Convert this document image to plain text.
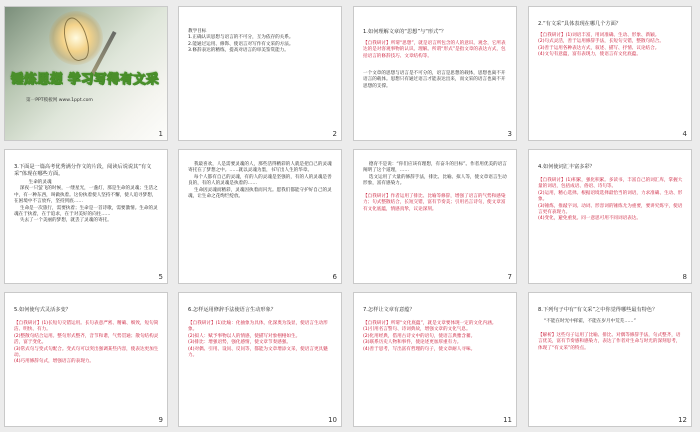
锤炼思想 学习写得有文采
第一PPT模板网 www.1ppt.com
1
教学目标
1.正确认识思想与语言的不可分，互为依存的关系。
2.能通过运用、修饰、使语言对写作有文采的方法。
3.修辞表达的精练，提高对语言的审美鉴赏能力。
2
1.如何理解文章的“思想”与“形式”？
【自我研讨】所谓“思想”，就是语言所包含的人的意识、观念，它所表达的是对客观事物的认识、理解。所谓“形式”是指文章的表达方式，包括语言的修辞技巧、文章结构等。
一个文章的思想与语言是不可分的，语言是思想的载体，思想也离不开语言的载体。思想只有通过语言才能表达出来，而文采的语言也离不开思想的支撑。
3
2.“有文采”具体表现在哪几个方面？
【自我研讨】(1)词语丰富，用词准确、生动、形象、新颖。
(2)句式灵活，善于运用修辞手法，长短句交错，整散句结合。
(3)善于运用各种表达方式，叙述、描写、抒情、议论结合。
(4)文句有意蕴，富有表现力，使语言有文化底蕴。
4
3.下面是一篇高考优秀满分作文的片段，阅读后说说其“有文采”体现在哪些方面。
生命的灵魂
深夜一只萤飞的时候，一缕星光，一盏灯，那是生命的灵魂；生活之中，有一种东西，叫做执着。这份执着使人坚持不懈，使人追寻梦想，在困境中不言放弃，坚持到底……
生命是一次旅行，需要执着；生命是一首诗歌，需要激情。生命的灵魂在于执着，在于追求，在于对美好的向往……
失去了一个美丽的梦想，就丢了灵魂的寄托。
5
我最喜欢，人是需要灵魂的人，那些活得精彩的人就是把自己的灵魂寄托在了梦想之中。……就以灵魂为墨，书写出人生的华章。
每个人都有自己的灵魂，有的人的灵魂是坚强的，有的人的灵魂是善良的，有的人的灵魂是执着的……
生命因灵魂而精彩，灵魂因执着而闪光。愿我们都能守护好自己的灵魂，让生命之花绚烂绽放。
6
德育不是说：“你们应该有理想，有奋斗的目标”。作者用优美的语言阐明了这个道理，……
选文运用了大量的修辞手法，排比、比喻、拟人等，使文章语言生动形象，富有感染力。
【自我研讨】作者运用了排比、比喻等修辞，增强了语言的气势和感染力；句式整散结合，长短交错，富有节奏美；引用名言诗句，使文章富有文化底蕴，情感真挚，议论深刻。
7
4.如何使词汇丰富多彩？
【自我研讨】(1)积累，强化积累。多读书，丰富自己的词汇库，掌握大量的词语，包括成语、俗语、诗句等。
(2)运用，精心选择。根据语境选择最恰当的词语，力求准确、生动、形象。
(3)锤炼，推敲字词。动词、形容词的锤炼尤为重要，要讲究炼字，使语言更有表现力。
(4)变化，避免重复。同一意思可用不同词语表达。
8
5.如何使句式灵活多变？
【自我研讨】(1)长短句交错运用。长句表意严密、精确、细致，短句简洁、明快、有力。
(2)整散句结合运用。整句形式整齐，音节和谐，气势贯通；散句结构灵活，富于变化。
(3)常式句与变式句配合。变式句可以突出强调某些内容，使表达更加生动。
(4)巧用修辞句式，增强语言的表现力。
9
6.怎样运用修辞手法使语言生动形象？
【自我研讨】(1)比喻：化抽象为具体，化深奥为浅显，使语言生动形象。
(2)拟人：赋予事物以人的情感，使描写对象栩栩如生。
(3)排比：增强语势，强化感情，使文章节奏感强。
(4)对偶、引用、设问、反问等，都能为文章增添文采，使语言更具魅力。
10
7.怎样让文章有意蕴？
【自我研讨】所谓“文化底蕴”，就是文章要体现一定的文化内涵。
(1)引用名言警句、诗词典故，增强文章的文化气息。
(2)化用经典，借用古诗文中的语句，使语言典雅含蓄。
(3)联系历史人物和事件，使论述更加厚重有力。
(4)善于思考，写出富有哲理的句子，使文章耐人寻味。
11
8.下列句子中有“有文采”之中你觉得哪些最有特色？
“不能在时光中挥霍，不能在岁月中荒芜……”
【解析】这些句子运用了比喻、排比、对偶等修辞手法，句式整齐，语言优美，富有节奏感和感染力，表达了作者对生命与时光的深刻思考，体现了“有文采”的特点。
12
